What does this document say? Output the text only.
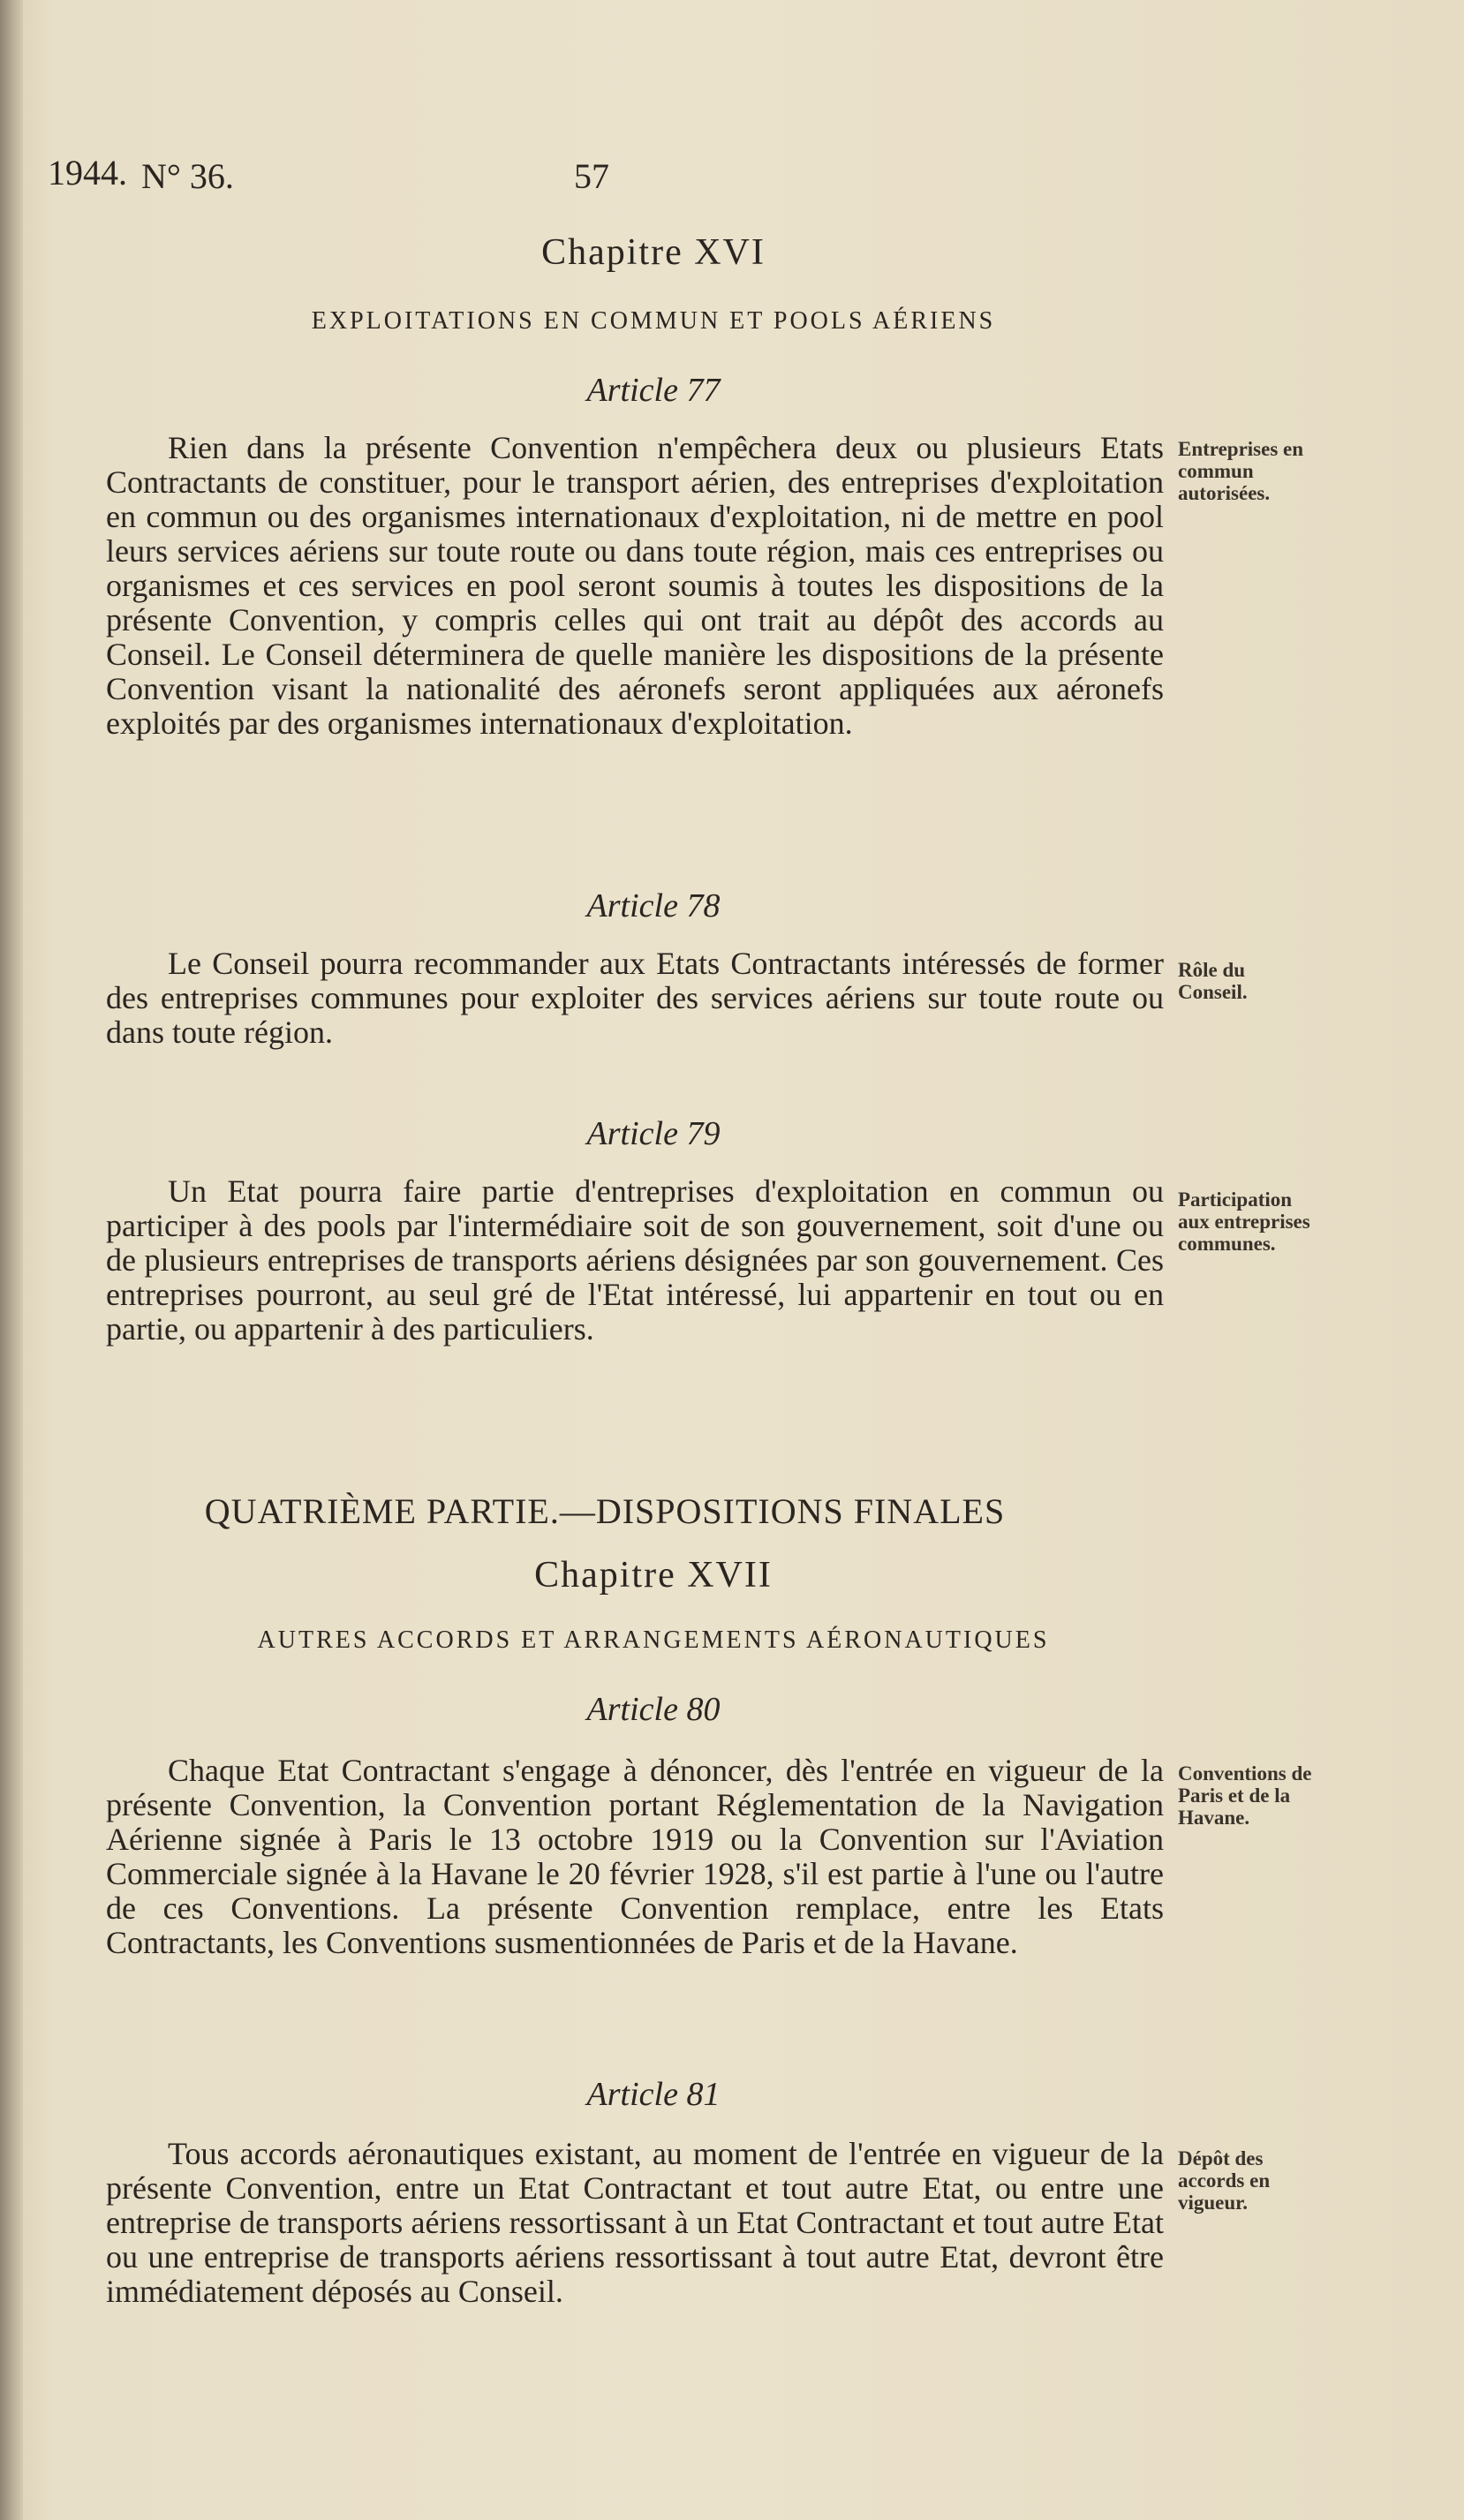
1944. N° 36.	57
Chapitre XVI
EXPLOITATIONS EN COMMUN ET POOLS AÉRIENS
Article 77
Rien dans la présente Convention n'empêchera deux ou plusieurs Etats Contractants de constituer, pour le transport aérien, des entreprises d'exploitation en commun ou des organismes internationaux d'exploitation, ni de mettre en pool leurs services aériens sur toute route ou dans toute région, mais ces entreprises ou organismes et ces services en pool seront soumis à toutes les dispositions de la présente Convention, y compris celles qui ont trait au dépôt des accords au Conseil. Le Conseil déterminera de quelle manière les dispositions de la présente Convention visant la nationalité des aéronefs seront appliquées aux aéronefs exploités par des organismes internationaux d'exploitation.
Entreprises en commun autorisées.
Article 78
Le Conseil pourra recommander aux Etats Contractants intéressés de former des entreprises communes pour exploiter des services aériens sur toute route ou dans toute région.
Rôle du Conseil.
Article 79
Un Etat pourra faire partie d'entreprises d'exploitation en commun ou participer à des pools par l'intermédiaire soit de son gouvernement, soit d'une ou de plusieurs entreprises de transports aériens désignées par son gouvernement. Ces entreprises pourront, au seul gré de l'Etat intéressé, lui appartenir en tout ou en partie, ou appartenir à des particuliers.
Participation aux entreprises communes.
QUATRIÈME PARTIE.—DISPOSITIONS FINALES
Chapitre XVII
AUTRES ACCORDS ET ARRANGEMENTS AÉRONAUTIQUES
Article 80
Chaque Etat Contractant s'engage à dénoncer, dès l'entrée en vigueur de la présente Convention, la Convention portant Réglementation de la Navigation Aérienne signée à Paris le 13 octobre 1919 ou la Convention sur l'Aviation Commerciale signée à la Havane le 20 février 1928, s'il est partie à l'une ou l'autre de ces Conventions. La présente Convention remplace, entre les Etats Contractants, les Conventions susmentionnées de Paris et de la Havane.
Conventions de Paris et de la Havane.
Article 81
Tous accords aéronautiques existant, au moment de l'entrée en vigueur de la présente Convention, entre un Etat Contractant et tout autre Etat, ou entre une entreprise de transports aériens ressortissant à un Etat Contractant et tout autre Etat ou une entreprise de transports aériens ressortissant à tout autre Etat, devront être immédiatement déposés au Conseil.
Dépôt des accords en vigueur.
